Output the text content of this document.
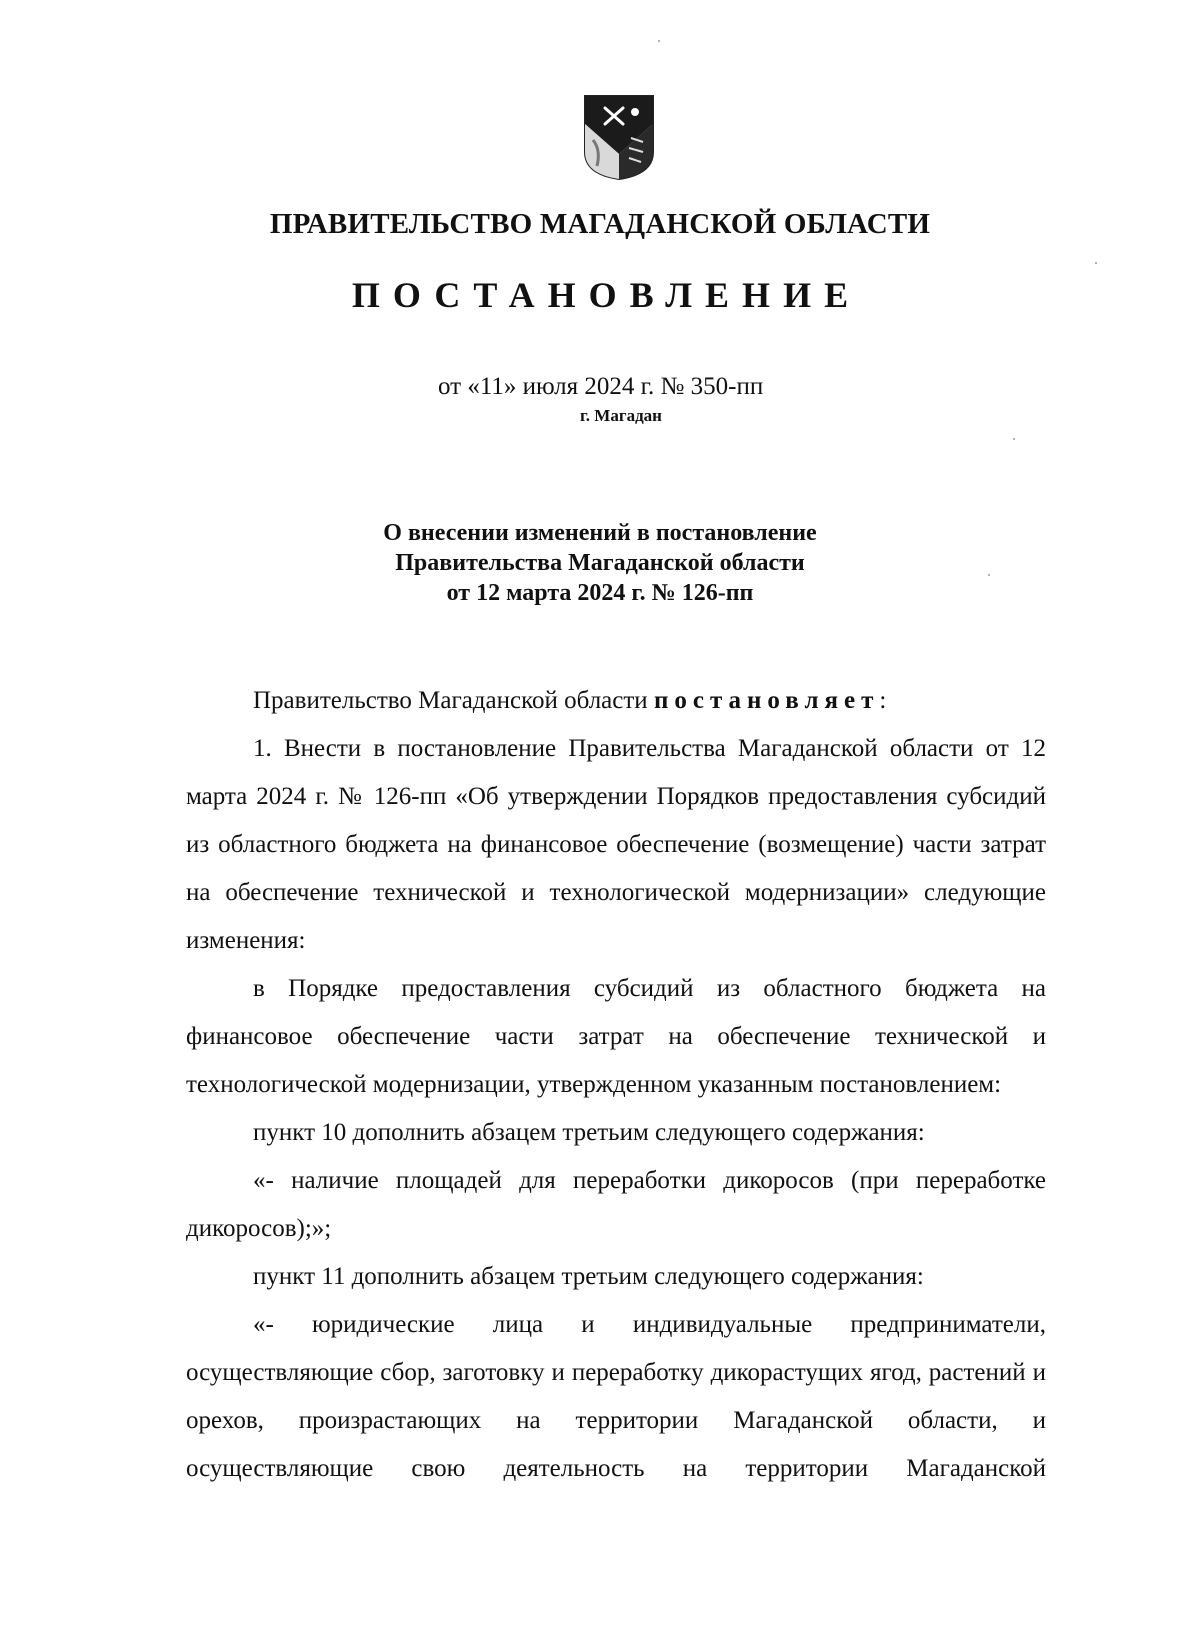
ПРАВИТЕЛЬСТВО МАГАДАНСКОЙ ОБЛАСТИ
ПОСТАНОВЛЕНИЕ
от «11» июля 2024 г. № 350-пп
г. Магадан
О внесении изменений в постановление
Правительства Магаданской области
от 12 марта 2024 г. № 126-пп

Правительство Магаданской области постановляет:

1. Внести в постановление Правительства Магаданской области от 12 марта 2024 г. № 126-пп «Об утверждении Порядков предоставления субсидий из областного бюджета на финансовое обеспечение (возмещение) части затрат на обеспечение технической и технологической модернизации» следующие изменения:

в Порядке предоставления субсидий из областного бюджета на финансовое обеспечение части затрат на обеспечение технической и технологической модернизации, утвержденном указанным постановлением:

пункт 10 дополнить абзацем третьим следующего содержания:

«- наличие площадей для переработки дикоросов (при переработке дикоросов);»;

пункт 11 дополнить абзацем третьим следующего содержания:

«- юридические лица и индивидуальные предприниматели, осуществляющие сбор, заготовку и переработку дикорастущих ягод, растений и орехов, произрастающих на территории Магаданской области, и осуществляющие свою деятельность на территории Магаданской
